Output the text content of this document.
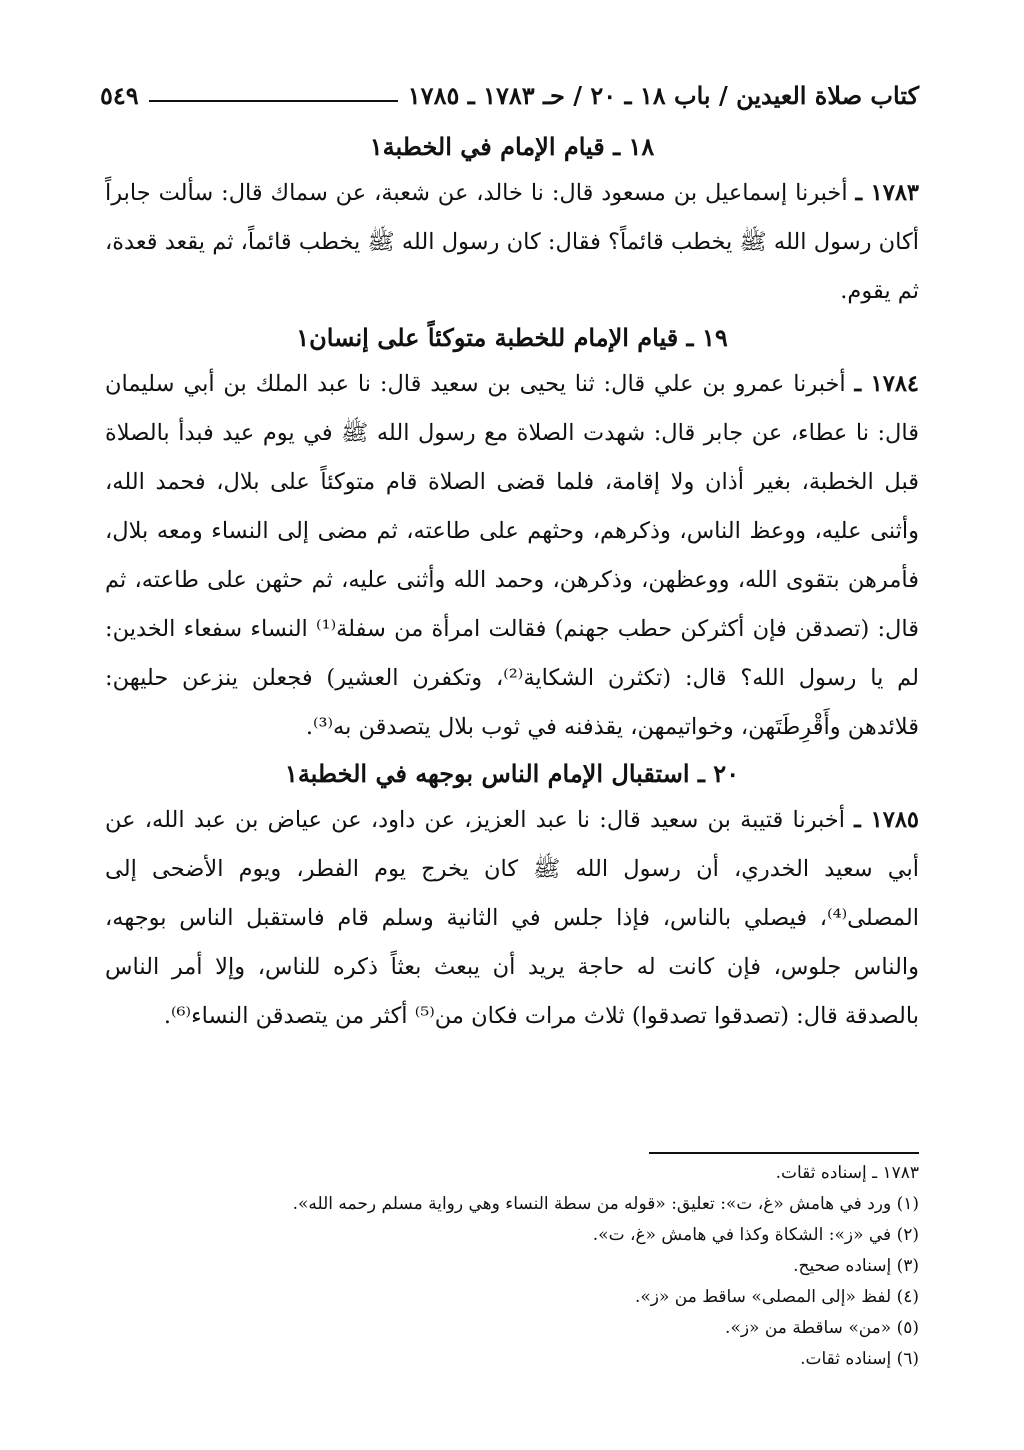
كتاب صلاة العيدين / باب ١٨ ـ ٢٠ / حـ ١٧٨٣ ـ ١٧٨٥
٥٤٩
١٨ ـ قيام الإمام في الخطبة١

١٧٨٣ ـ أخبرنا إسماعيل بن مسعود قال: نا خالد، عن شعبة، عن سماك قال: سألت جابراً أكان رسول الله ﷺ يخطب قائماً؟ فقال: كان رسول الله ﷺ يخطب قائماً، ثم يقعد قعدة، ثم يقوم.

١٩ ـ قيام الإمام للخطبة متوكئاً على إنسان١

١٧٨٤ ـ أخبرنا عمرو بن علي قال: ثنا يحيى بن سعيد قال: نا عبد الملك بن أبي سليمان قال: نا عطاء، عن جابر قال: شهدت الصلاة مع رسول الله ﷺ في يوم عيد فبدأ بالصلاة قبل الخطبة، بغير أذان ولا إقامة، فلما قضى الصلاة قام متوكئاً على بلال، فحمد الله، وأثنى عليه، ووعظ الناس، وذكرهم، وحثهم على طاعته، ثم مضى إلى النساء ومعه بلال، فأمرهن بتقوى الله، ووعظهن، وذكرهن، وحمد الله وأثنى عليه، ثم حثهن على طاعته، ثم قال: (تصدقن فإن أكثركن حطب جهنم) فقالت امرأة من سفلة⁽¹⁾ النساء سفعاء الخدين: لم يا رسول الله؟ قال: (تكثرن الشكاية⁽²⁾، وتكفرن العشير) فجعلن ينزعن حليهن: قلائدهن وأَقْرِطَتَهن، وخواتيمهن، يقذفنه في ثوب بلال يتصدقن به⁽³⁾.

٢٠ ـ استقبال الإمام الناس بوجهه في الخطبة١

١٧٨٥ ـ أخبرنا قتيبة بن سعيد قال: نا عبد العزيز، عن داود، عن عياض بن عبد الله، عن أبي سعيد الخدري، أن رسول الله ﷺ كان يخرج يوم الفطر، ويوم الأضحى إلى المصلى⁽⁴⁾، فيصلي بالناس، فإذا جلس في الثانية وسلم قام فاستقبل الناس بوجهه، والناس جلوس، فإن كانت له حاجة يريد أن يبعث بعثاً ذكره للناس، وإلا أمر الناس بالصدقة قال: (تصدقوا تصدقوا) ثلاث مرات فكان من⁽⁵⁾ أكثر من يتصدقن النساء⁽⁶⁾.

١٧٨٣ ـ إسناده ثقات.

(١) ورد في هامش «غ، ت»: تعليق: «قوله من سطة النساء وهي رواية مسلم رحمه الله».

(٢) في «ز»: الشكاة وكذا في هامش «غ، ت».

(٣) إسناده صحيح.

(٤) لفظ «إلى المصلى» ساقط من «ز».

(٥) «من» ساقطة من «ز».

(٦) إسناده ثقات.
